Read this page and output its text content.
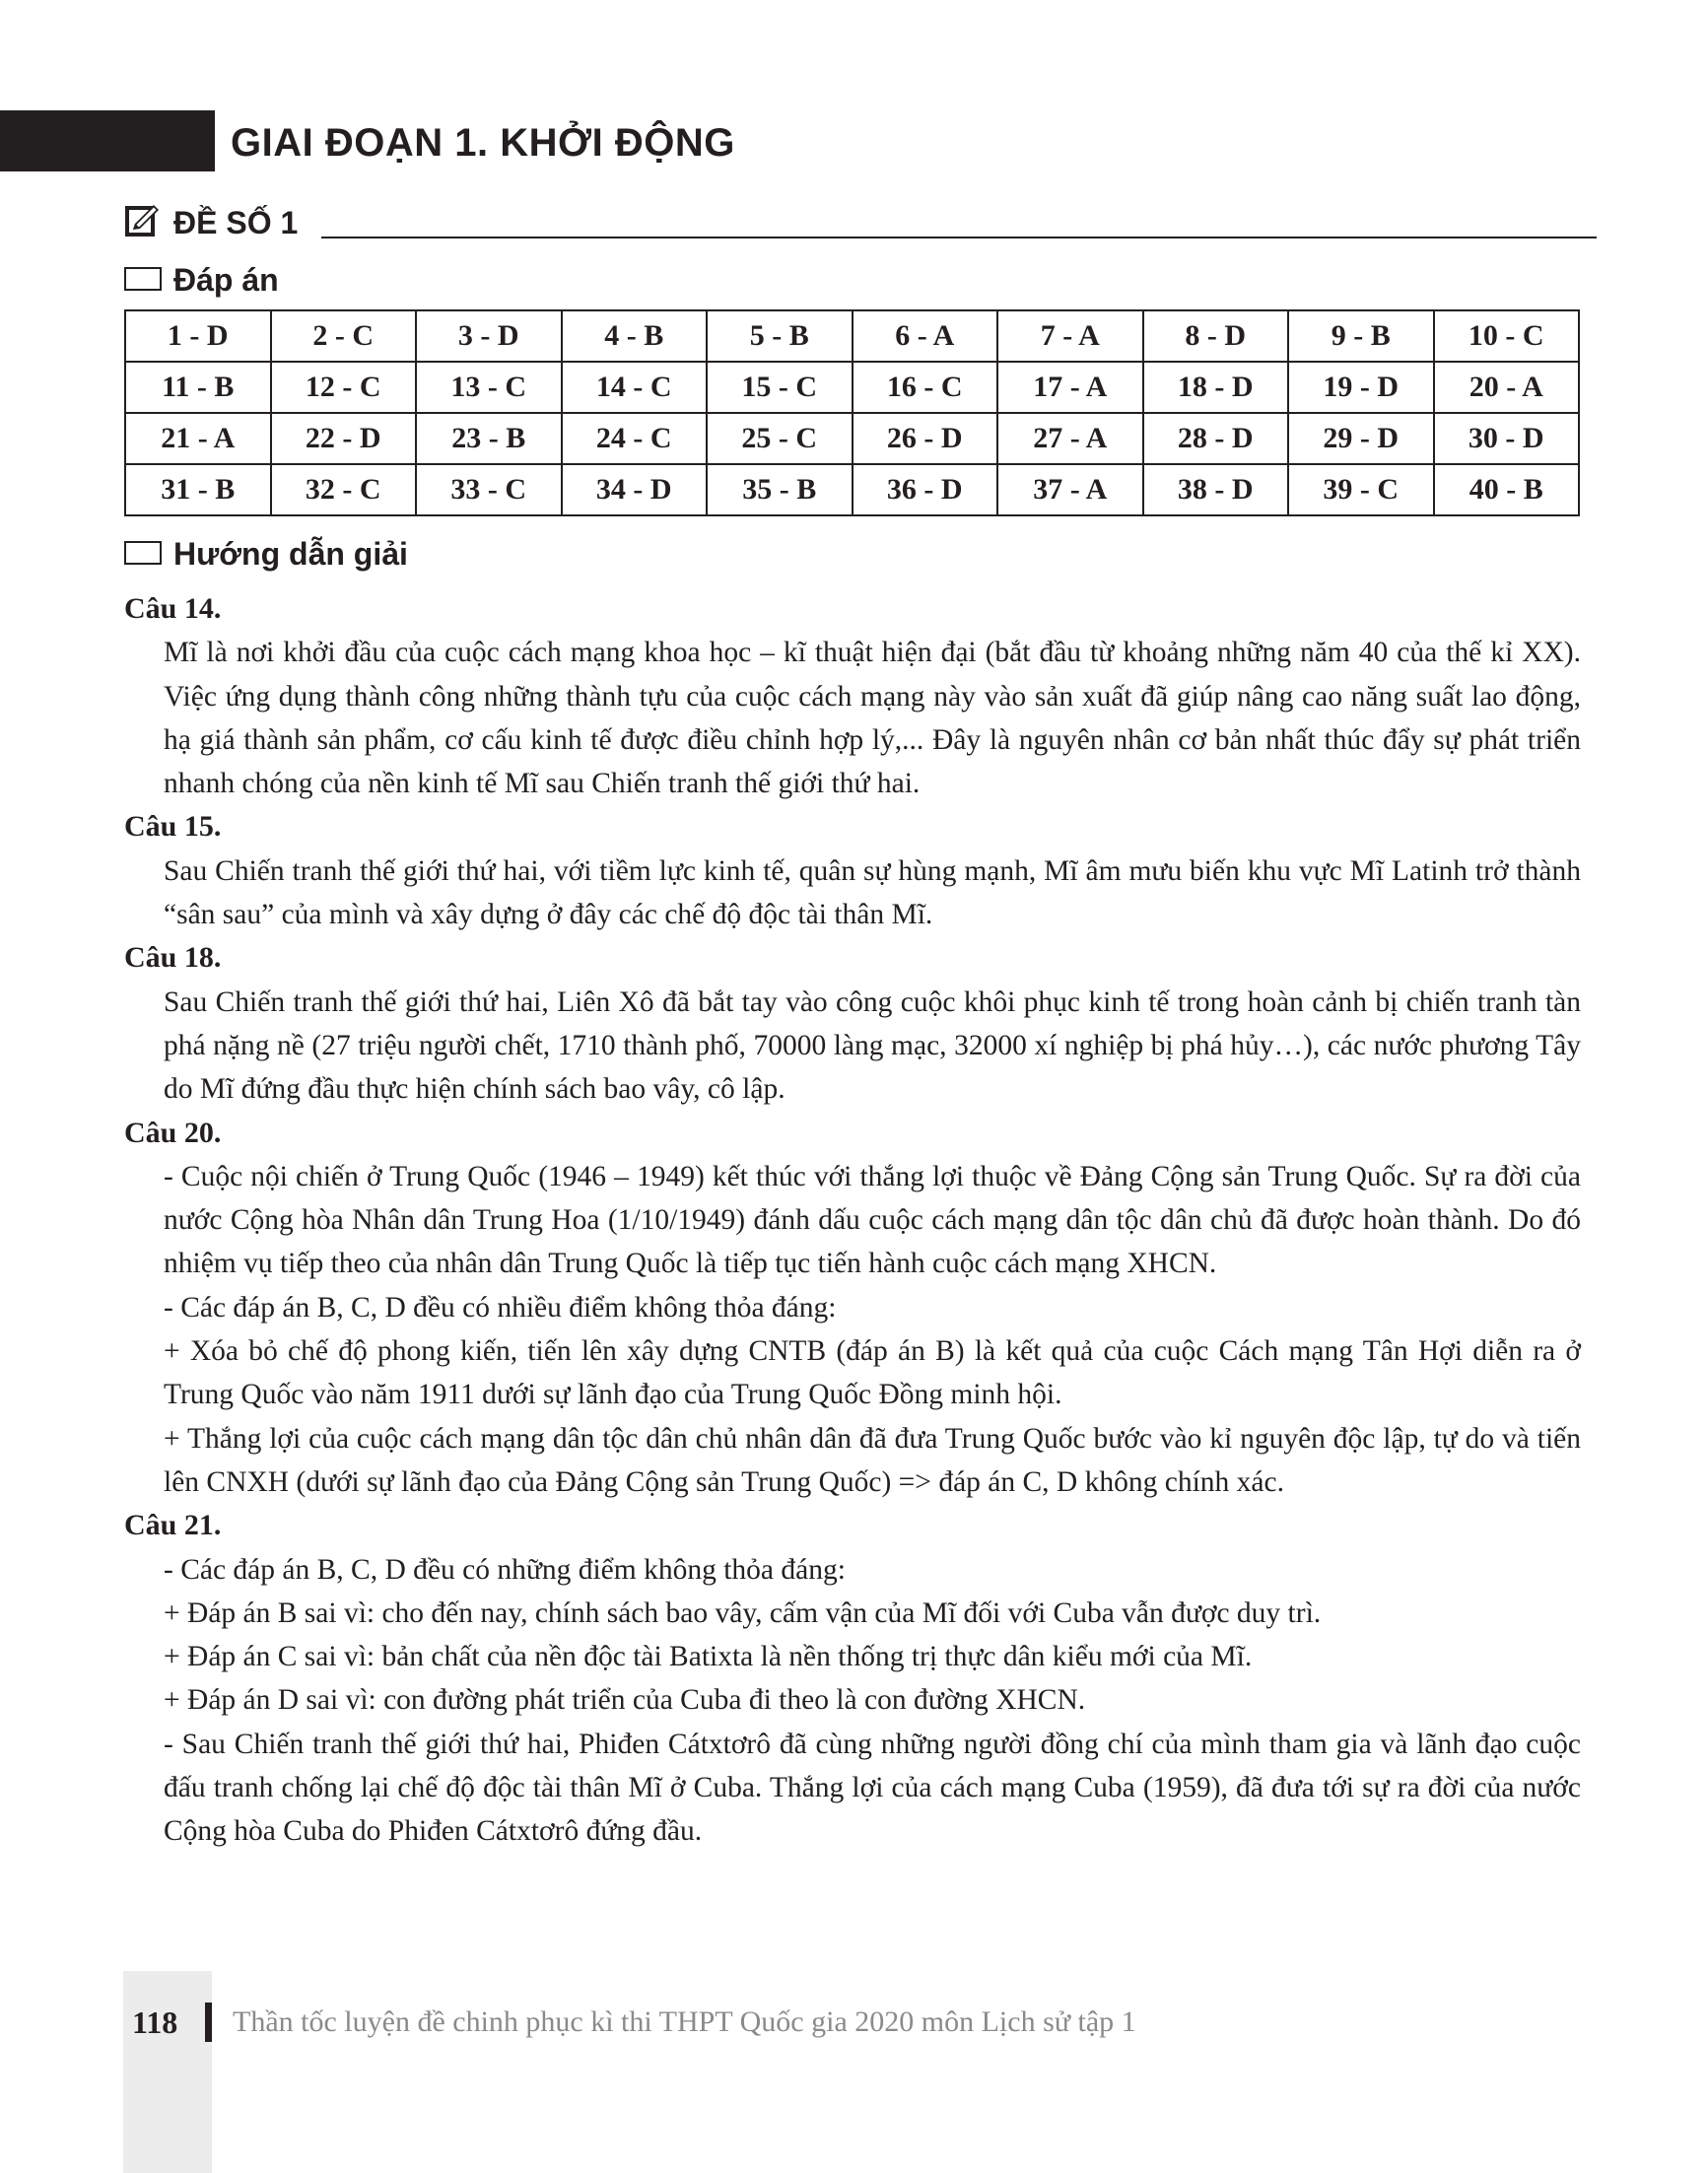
GIAI ĐOẠN 1. KHỞI ĐỘNG
ĐỀ SỐ 1
Đáp án
1 - D	2 - C	3 - D	4 - B	5 - B	6 - A	7 - A	8 - D	9 - B	10 - C
11 - B	12 - C	13 - C	14 - C	15 - C	16 - C	17 - A	18 - D	19 - D	20 - A
21 - A	22 - D	23 - B	24 - C	25 - C	26 - D	27 - A	28 - D	29 - D	30 - D
31 - B	32 - C	33 - C	34 - D	35 - B	36 - D	37 - A	38 - D	39 - C	40 - B
Hướng dẫn giải
Câu 14.
Mĩ là nơi khởi đầu của cuộc cách mạng khoa học – kĩ thuật hiện đại (bắt đầu từ khoảng những năm 40 của thế kỉ XX). Việc ứng dụng thành công những thành tựu của cuộc cách mạng này vào sản xuất đã giúp nâng cao năng suất lao động, hạ giá thành sản phẩm, cơ cấu kinh tế được điều chỉnh hợp lý,... Đây là nguyên nhân cơ bản nhất thúc đẩy sự phát triển nhanh chóng của nền kinh tế Mĩ sau Chiến tranh thế giới thứ hai.
Câu 15.
Sau Chiến tranh thế giới thứ hai, với tiềm lực kinh tế, quân sự hùng mạnh, Mĩ âm mưu biến khu vực Mĩ Latinh trở thành “sân sau” của mình và xây dựng ở đây các chế độ độc tài thân Mĩ.
Câu 18.
Sau Chiến tranh thế giới thứ hai, Liên Xô đã bắt tay vào công cuộc khôi phục kinh tế trong hoàn cảnh bị chiến tranh tàn phá nặng nề (27 triệu người chết, 1710 thành phố, 70000 làng mạc, 32000 xí nghiệp bị phá hủy…), các nước phương Tây do Mĩ đứng đầu thực hiện chính sách bao vây, cô lập.
Câu 20.
- Cuộc nội chiến ở Trung Quốc (1946 – 1949) kết thúc với thắng lợi thuộc về Đảng Cộng sản Trung Quốc. Sự ra đời của nước Cộng hòa Nhân dân Trung Hoa (1/10/1949) đánh dấu cuộc cách mạng dân tộc dân chủ đã được hoàn thành. Do đó nhiệm vụ tiếp theo của nhân dân Trung Quốc là tiếp tục tiến hành cuộc cách mạng XHCN.
- Các đáp án B, C, D đều có nhiều điểm không thỏa đáng:
+ Xóa bỏ chế độ phong kiến, tiến lên xây dựng CNTB (đáp án B) là kết quả của cuộc Cách mạng Tân Hợi diễn ra ở Trung Quốc vào năm 1911 dưới sự lãnh đạo của Trung Quốc Đồng minh hội.
+ Thắng lợi của cuộc cách mạng dân tộc dân chủ nhân dân đã đưa Trung Quốc bước vào kỉ nguyên độc lập, tự do và tiến lên CNXH (dưới sự lãnh đạo của Đảng Cộng sản Trung Quốc) => đáp án C, D không chính xác.
Câu 21.
- Các đáp án B, C, D đều có những điểm không thỏa đáng:
+ Đáp án B sai vì: cho đến nay, chính sách bao vây, cấm vận của Mĩ đối với Cuba vẫn được duy trì.
+ Đáp án C sai vì: bản chất của nền độc tài Batixta là nền thống trị thực dân kiểu mới của Mĩ.
+ Đáp án D sai vì: con đường phát triển của Cuba đi theo là con đường XHCN.
- Sau Chiến tranh thế giới thứ hai, Phiđen Cátxtơrô đã cùng những người đồng chí của mình tham gia và lãnh đạo cuộc đấu tranh chống lại chế độ độc tài thân Mĩ ở Cuba. Thắng lợi của cách mạng Cuba (1959), đã đưa tới sự ra đời của nước Cộng hòa Cuba do Phiđen Cátxtơrô đứng đầu.
118 Thần tốc luyện đề chinh phục kì thi THPT Quốc gia 2020 môn Lịch sử tập 1
